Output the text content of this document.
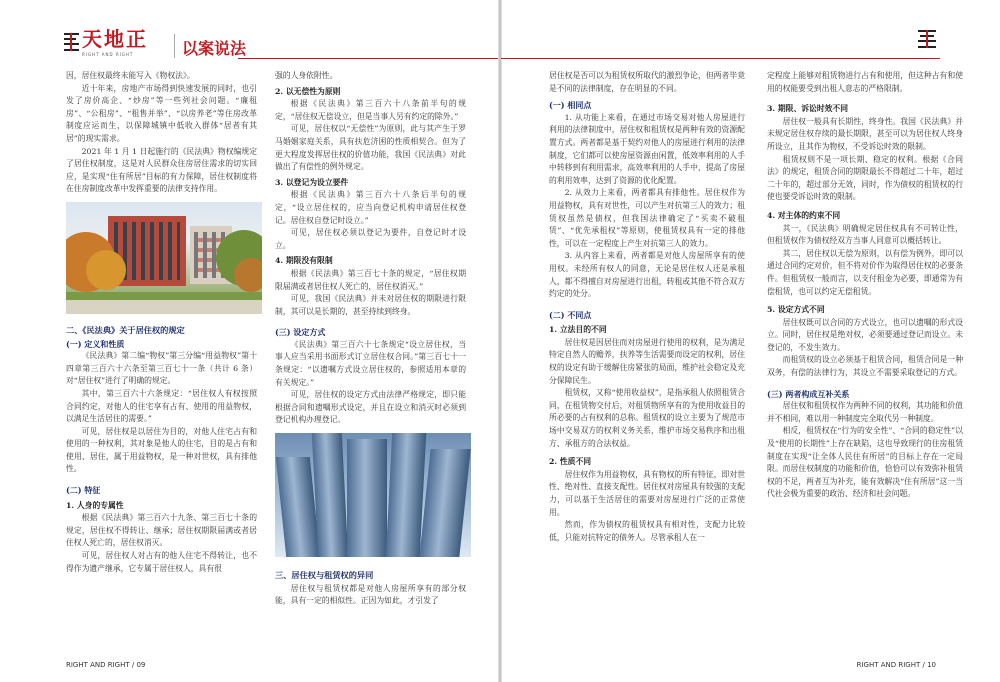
天地正
RIGHT AND RIGHT	以案说法

因，居住权最终未能写入《物权法》。

近十年来，房地产市场得到快速发展的同时，也引发了房价高企、“炒房”等一些列社会问题。“廉租房”、“公租房”、“租售并举”、“以房养老”等住房改革制度应运而生，以保障城镇中低收入群体“居者有其居”的现实需求。

2021 年 1 月 1 日起施行的《民法典》物权编规定了居住权制度，这是对人民群众住房居住需求的切实回应，是实现“住有所居”目标的有力保障，居住权制度将在住房制度改革中发挥重要的法律支持作用。

二、《民法典》关于居住权的规定
(一) 定义和性质

《民法典》第二编“物权”第三分编“用益物权”第十四章第三百六十六条至第三百七十一条（共计 6 条）对“居住权”进行了明确的规定。

其中，第三百六十六条规定：“居住权人有权按照合同约定，对他人的住宅享有占有、使用的用益物权，以满足生活居住的需要。”

可见，居住权是以居住为目的，对他人住宅占有和使用的一种权利，其对象是他人的住宅，目的是占有和使用、居住，属于用益物权，是一种对世权，具有排他性。

(二) 特征
1. 人身的专属性

根据《民法典》第三百六十九条、第三百七十条的规定，居住权不得转让、继承；居住权期限届满或者居住权人死亡的，居住权消灭。

可见，居住权人对占有的他人住宅不得转让，也不得作为遗产继承，它专属于居住权人，具有很

强的人身依附性。

2. 以无偿性为原则

根据《民法典》第三百六十八条前半句的规定，“居住权无偿设立，但是当事人另有约定的除外。”

可见，居住权以“无偿性”为原则，此与其产生于罗马婚姻家庭关系，具有扶危济困的性质相契合。但为了更大程度发挥居住权的价值功能，我国《民法典》对此做出了有偿性的例外规定。

3. 以登记为设立要件

根据《民法典》第三百六十八条后半句的规定，“设立居住权的，应当向登记机构申请居住权登记。居住权自登记时设立。”

可见，居住权必须以登记为要件，自登记时才设立。

4. 期限没有限制

根据《民法典》第三百七十条的规定，“居住权期限届满或者居住权人死亡的，居住权消灭。”

可见，我国《民法典》并未对居住权的期限进行限制，其可以是长期的，甚至持续到终身。

(三) 设定方式

《民法典》第三百六十七条规定“设立居住权，当事人应当采用书面形式订立居住权合同。”第三百七十一条规定：“以遗嘱方式设立居住权的，参照适用本章的有关规定。”

可见，居住权的设定方式由法律严格规定，即只能根据合同和遗嘱形式设定，并且在设立和消灭时必须到登记机构办理登记。

三、居住权与租赁权的异同

居住权与租赁权都是对他人房屋所享有的部分权能，具有一定的相似性。正因为如此，才引发了

RIGHT AND RIGHT / 09

居住权是否可以为租赁权所取代的激烈争论，但两者毕竟是不同的法律制度，存在明显的不同。

(一) 相同点

1. 从功能上来看，在通过市场交易对他人房屋进行利用的法律制度中，居住权和租赁权是两种有效的资源配置方式。两者都是基于契约对他人的房屋进行利用的法律制度，它们都可以使房屋资源由闲置，低效率利用的人手中转移到有利用需求，高效率利用的人手中，提高了房屋的利用效率，达到了资源的优化配置。

2. 从效力上来看，两者都具有排他性。居住权作为用益物权，具有对世性，可以产生对抗第三人的效力；租赁权虽然是债权，但我国法律确定了“买卖不破租赁”、“优先承租权”等原则，使租赁权具有一定的排他性，可以在一定程度上产生对抗第三人的效力。

3. 从内容上来看，两者都是对他人房屋所享有的使用权。未经所有权人的同意，无论是居住权人还是承租人，都不得擅自对房屋进行出租，转租或其他不符合双方约定的处分。

(二) 不同点
1. 立法目的不同

居住权是因居住而对房屋进行使用的权利，是为满足特定自然人的赡养，扶养等生活需要而设定的权利，居住权的设定有助于缓解住房紧张的局面，维护社会稳定及充分保障民生。

租赁权，又称“使用收益权”，是指承租人依照租赁合同，在租赁物交付后，对租赁物所享有的为使用收益目的所必要的占有权利的总称。租赁权的设立主要为了规范市场中交易双方的权利义务关系，维护市场交易秩序和出租方、承租方的合法权益。

2. 性质不同

居住权作为用益物权，具有物权的所有特征，即对世性、绝对性、直接支配性。居住权对房屋具有较强的支配力，可以基于生活居住的需要对房屋进行广泛的正常使用。

然而，作为债权的租赁权具有相对性，支配力比较低，只能对抗特定的债务人。尽管承租人在一

定程度上能够对租赁物进行占有和使用，但这种占有和使用的权能要受到出租人意志的严格限制。

3. 期限、诉讼时效不同

居住权一般具有长期性，终身性。我国《民法典》并未规定居住权存续的最长期限，甚至可以为居住权人终身所设立，且其作为物权，不受诉讼时效的限制。

租赁权则不是一项长期、稳定的权利。根据《合同法》的规定，租赁合同的期限最长不得超过二十年，超过二十年的，超过部分无效，同时，作为债权的租赁权的行使也要受诉讼时效的限制。

4. 对主体的约束不同

其一，《民法典》明确规定居住权具有不可转让性，但租赁权作为债权经双方当事人同意可以概括转让。

其二，居住权以无偿为原则，以有偿为例外，即可以通过合同约定对价，但不将对价作为取得居住权的必要条件。但租赁权一般而言，以支付租金为必要，即通常为有偿租赁，也可以约定无偿租赁。

5. 设定方式不同

居住权既可以合同的方式设立，也可以遗嘱的形式设立。同时，居住权是绝对权，必须要通过登记而设立。未登记的，不发生效力。

而租赁权的设立必须基于租赁合同，租赁合同是一种双务，有偿的法律行为，其设立不需要采取登记的方式。

(三) 两者构成互补关系

居住权和租赁权作为两种不同的权利，其功能和价值并不相同，难以用一种制度完全取代另一种制度。

相反，租赁权在“行为的安全性”、“合同的稳定性”以及“使用的长期性”上存在缺陷，这也导致现行的住房租赁制度在实现“让全体人民住有所居”的目标上存在一定局限。而居住权制度的功能和价值，恰恰可以有效弥补租赁权的不足，两者互为补充，能有效解决“住有所居”这一当代社会极为重要的政治、经济和社会问题。

RIGHT AND RIGHT / 10
